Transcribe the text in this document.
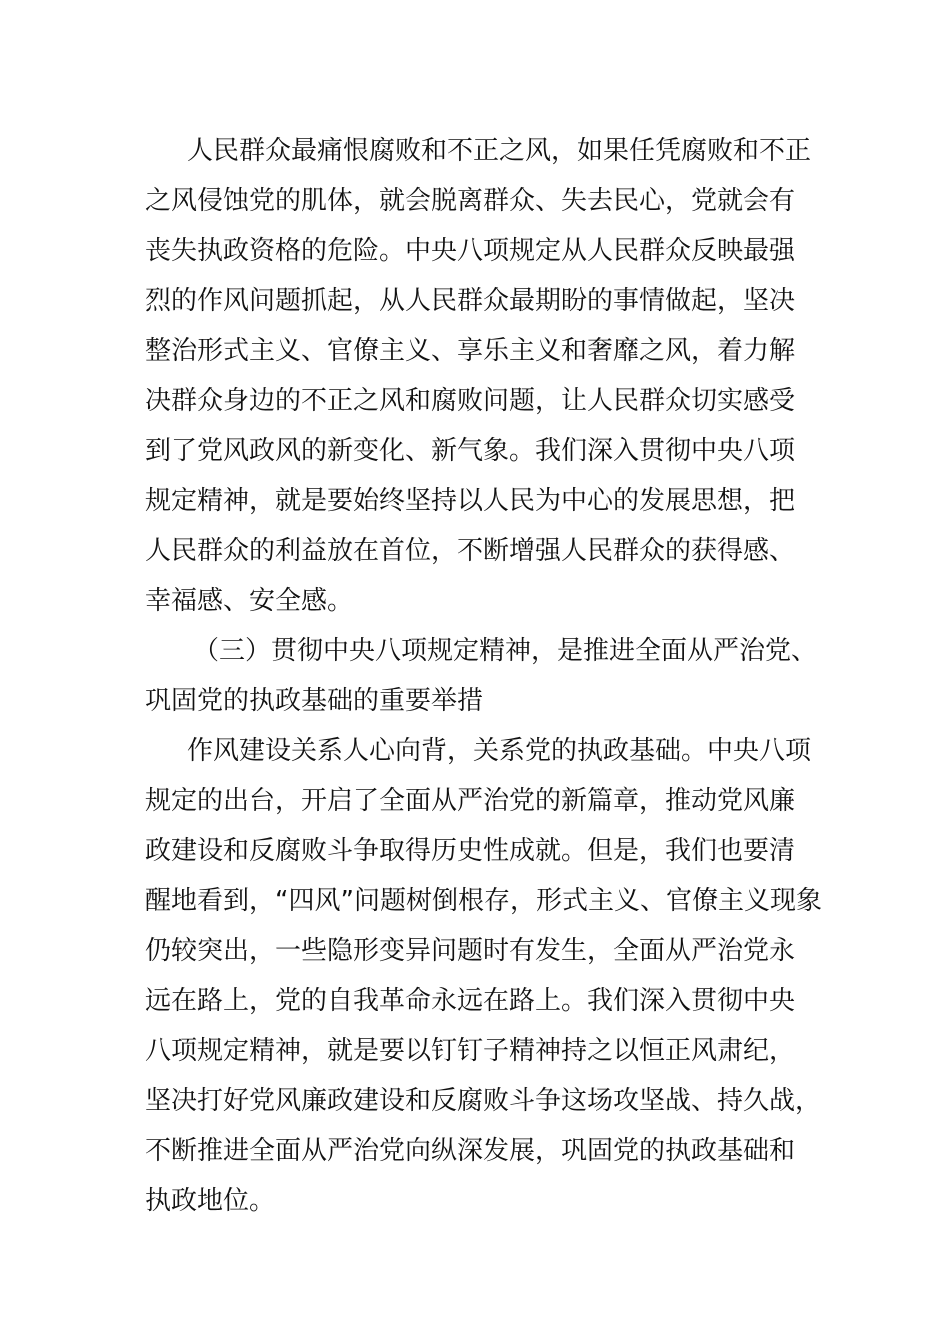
人民群众最痛恨腐败和不正之风，如果任凭腐败和不正
之风侵蚀党的肌体，就会脱离群众、失去民心，党就会有
丧失执政资格的危险。中央八项规定从人民群众反映最强
烈的作风问题抓起，从人民群众最期盼的事情做起，坚决
整治形式主义、官僚主义、享乐主义和奢靡之风，着力解
决群众身边的不正之风和腐败问题，让人民群众切实感受
到了党风政风的新变化、新气象。我们深入贯彻中央八项
规定精神，就是要始终坚持以人民为中心的发展思想，把
人民群众的利益放在首位，不断增强人民群众的获得感、
幸福感、安全感。
（三）贯彻中央八项规定精神，是推进全面从严治党、
巩固党的执政基础的重要举措
作风建设关系人心向背，关系党的执政基础。中央八项
规定的出台，开启了全面从严治党的新篇章，推动党风廉
政建设和反腐败斗争取得历史性成就。但是，我们也要清
醒地看到，“四风”问题树倒根存，形式主义、官僚主义现象
仍较突出，一些隐形变异问题时有发生，全面从严治党永
远在路上，党的自我革命永远在路上。我们深入贯彻中央
八项规定精神，就是要以钉钉子精神持之以恒正风肃纪，
坚决打好党风廉政建设和反腐败斗争这场攻坚战、持久战，
不断推进全面从严治党向纵深发展，巩固党的执政基础和
执政地位。
